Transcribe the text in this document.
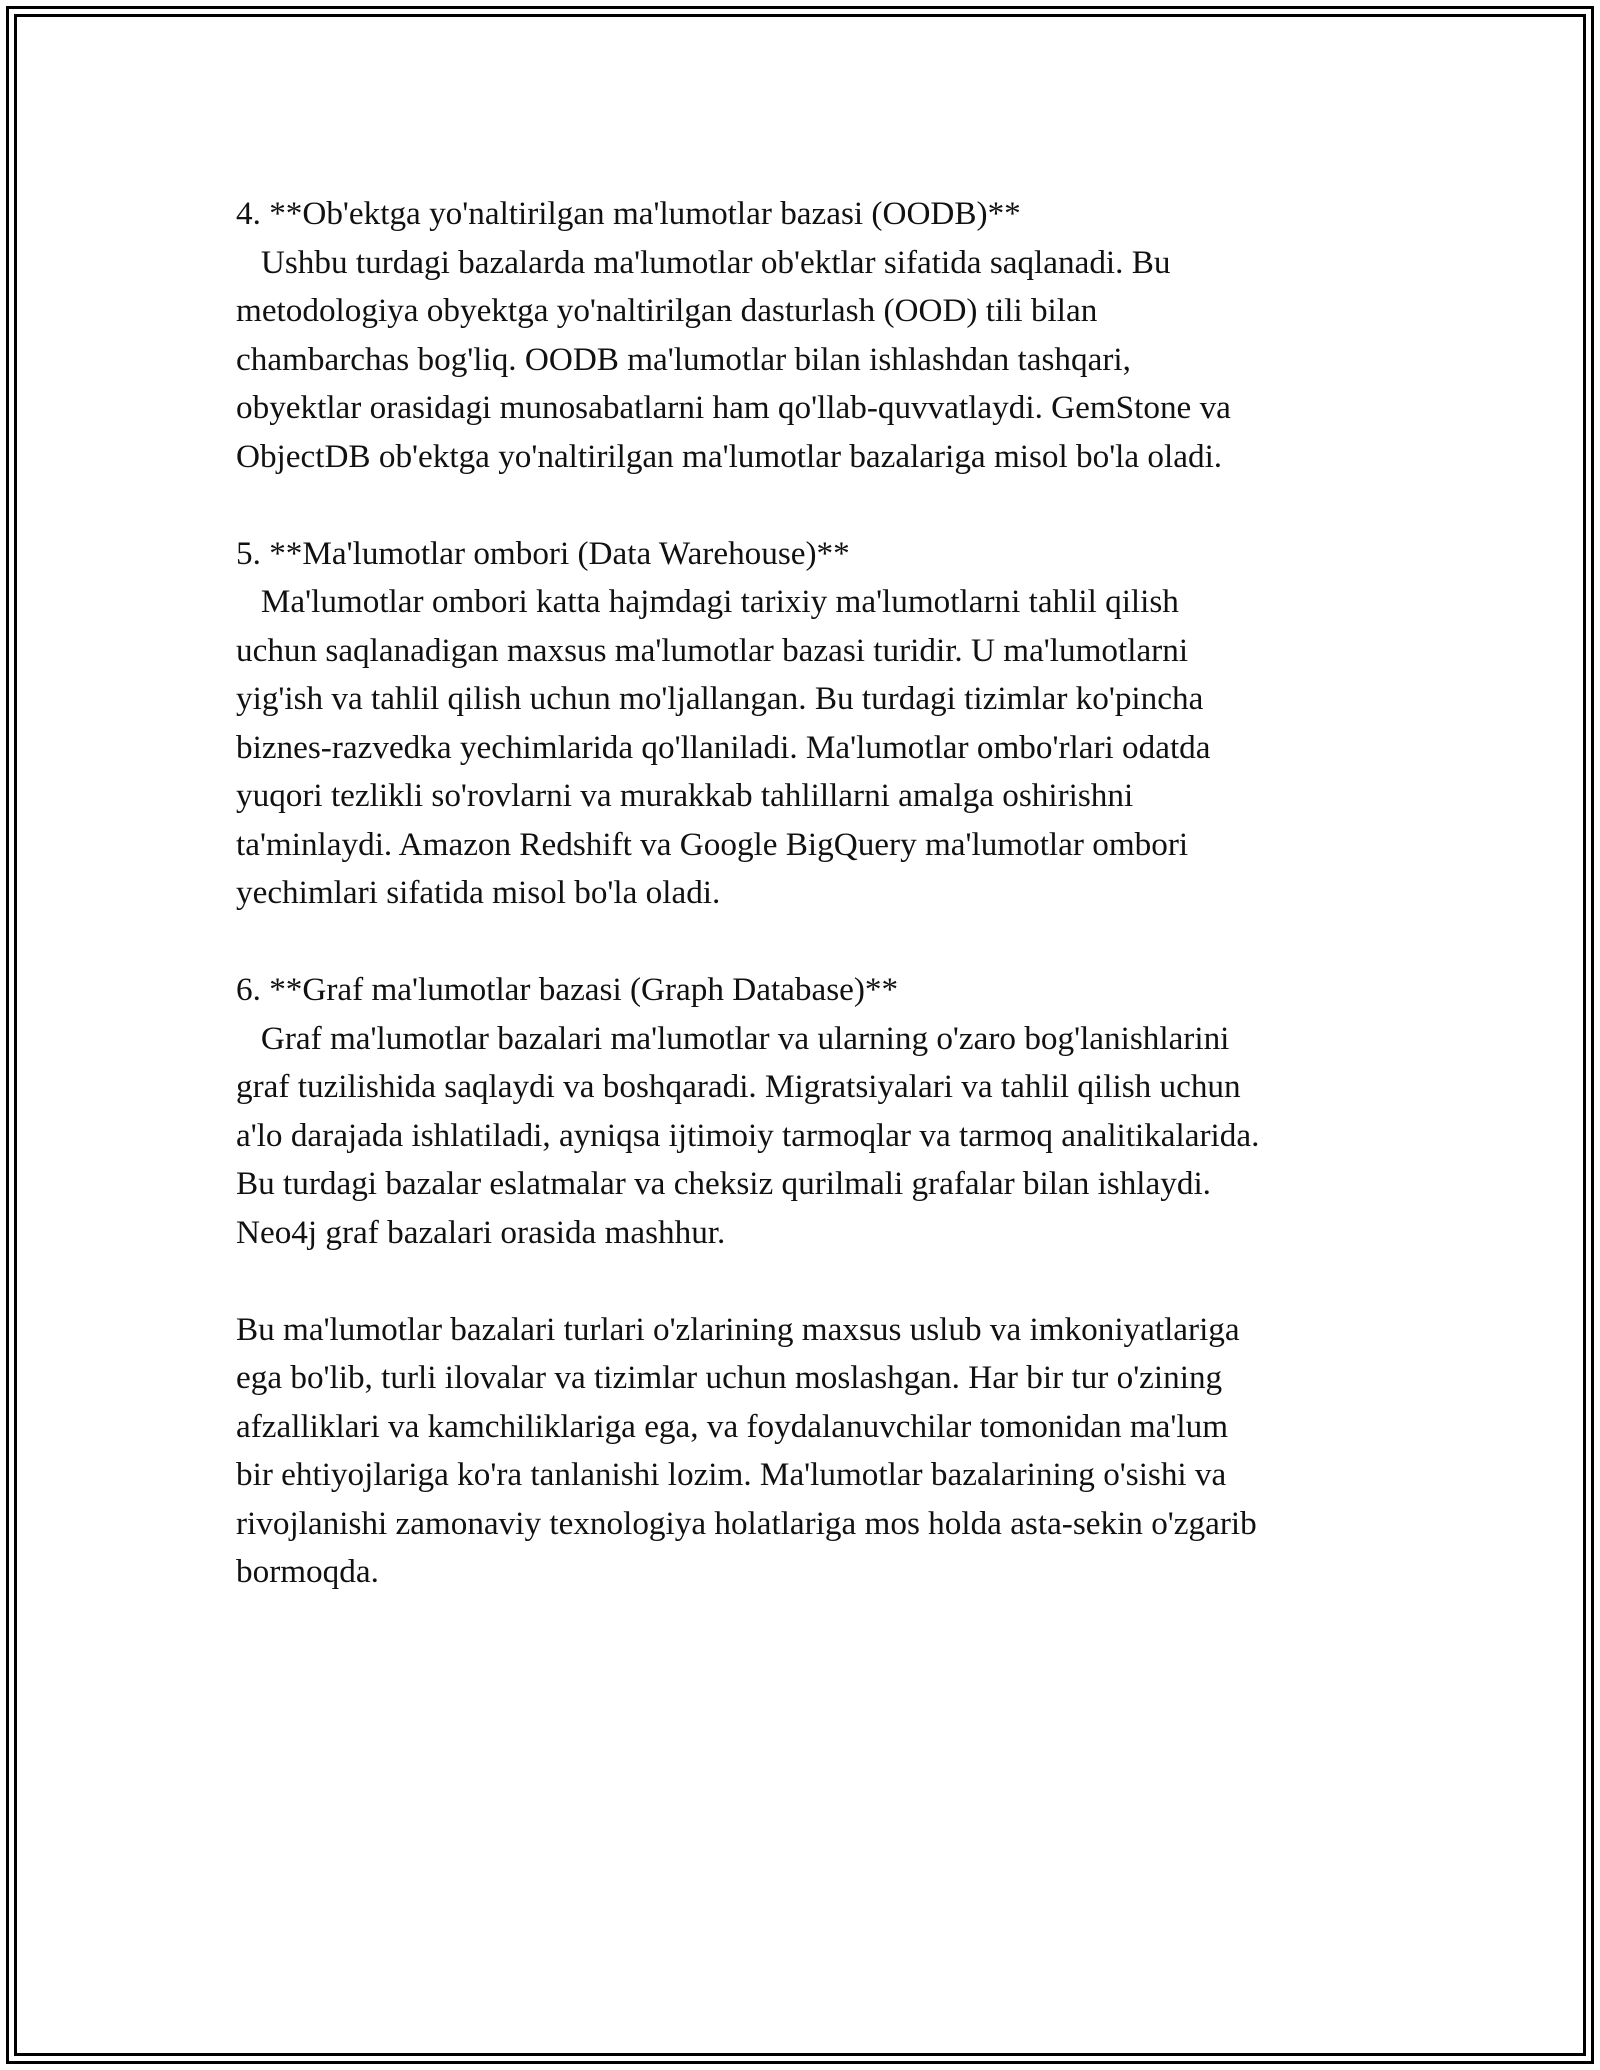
4. **Ob'ektga yo'naltirilgan ma'lumotlar bazasi (OODB)**

Ushbu turdagi bazalarda ma'lumotlar ob'ektlar sifatida saqlanadi. Bu

metodologiya obyektga yo'naltirilgan dasturlash (OOD) tili bilan

chambarchas bog'liq. OODB ma'lumotlar bilan ishlashdan tashqari,

obyektlar orasidagi munosabatlarni ham qo'llab-quvvatlaydi. GemStone va

ObjectDB ob'ektga yo'naltirilgan ma'lumotlar bazalariga misol bo'la oladi.

5. **Ma'lumotlar ombori (Data Warehouse)**

Ma'lumotlar ombori katta hajmdagi tarixiy ma'lumotlarni tahlil qilish

uchun saqlanadigan maxsus ma'lumotlar bazasi turidir. U ma'lumotlarni

yig'ish va tahlil qilish uchun mo'ljallangan. Bu turdagi tizimlar ko'pincha

biznes-razvedka yechimlarida qo'llaniladi. Ma'lumotlar ombo'rlari odatda

yuqori tezlikli so'rovlarni va murakkab tahlillarni amalga oshirishni

ta'minlaydi. Amazon Redshift va Google BigQuery ma'lumotlar ombori

yechimlari sifatida misol bo'la oladi.

6. **Graf ma'lumotlar bazasi (Graph Database)**

Graf ma'lumotlar bazalari ma'lumotlar va ularning o'zaro bog'lanishlarini

graf tuzilishida saqlaydi va boshqaradi. Migratsiyalari va tahlil qilish uchun

a'lo darajada ishlatiladi, ayniqsa ijtimoiy tarmoqlar va tarmoq analitikalarida.

Bu turdagi bazalar eslatmalar va cheksiz qurilmali grafalar bilan ishlaydi.

Neo4j graf bazalari orasida mashhur.

Bu ma'lumotlar bazalari turlari o'zlarining maxsus uslub va imkoniyatlariga

ega bo'lib, turli ilovalar va tizimlar uchun moslashgan. Har bir tur o'zining

afzalliklari va kamchiliklariga ega, va foydalanuvchilar tomonidan ma'lum

bir ehtiyojlariga ko'ra tanlanishi lozim. Ma'lumotlar bazalarining o'sishi va

rivojlanishi zamonaviy texnologiya holatlariga mos holda asta-sekin o'zgarib

bormoqda.
